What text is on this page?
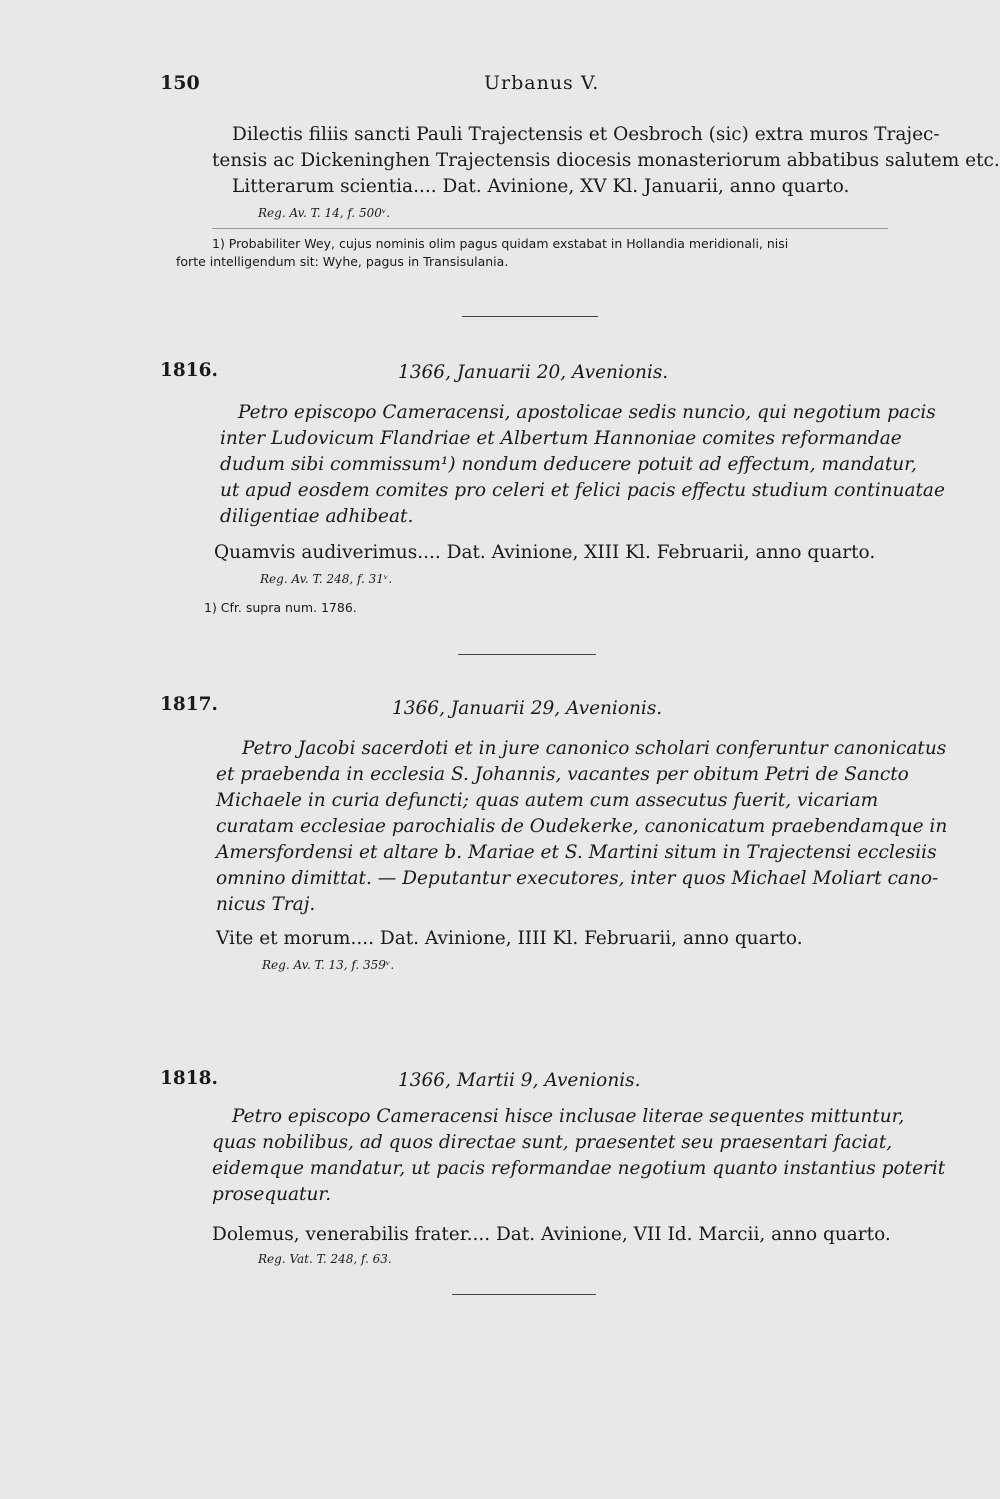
150	Urbanus V.
Dilectis filiis sancti Pauli Trajectensis et Oesbroch (sic) extra muros Trajec-
tensis ac Dickeninghen Trajectensis diocesis monasteriorum abbatibus salutem etc.
Litterarum scientia.... Dat. Avinione, XV Kl. Januarii, anno quarto.
Reg. Av. T. 14, f. 500ᵛ.
1) Probabiliter Wey, cujus nominis olim pagus quidam exstabat in Hollandia meridionali, nisi
forte intelligendum sit: Wyhe, pagus in Transisulania.
1816.	1366, Januarii 20, Avenionis.
Petro episcopo Cameracensi, apostolicae sedis nuncio, qui negotium pacis
inter Ludovicum Flandriae et Albertum Hannoniae comites reformandae
dudum sibi commissum¹) nondum deducere potuit ad effectum, mandatur,
ut apud eosdem comites pro celeri et felici pacis effectu studium continuatae
diligentiae adhibeat.
Quamvis audiverimus.... Dat. Avinione, XIII Kl. Februarii, anno quarto.
Reg. Av. T. 248, f. 31ᵛ.
1) Cfr. supra num. 1786.
1817.	1366, Januarii 29, Avenionis.
Petro Jacobi sacerdoti et in jure canonico scholari conferuntur canonicatus
et praebenda in ecclesia S. Johannis, vacantes per obitum Petri de Sancto
Michaele in curia defuncti; quas autem cum assecutus fuerit, vicariam
curatam ecclesiae parochialis de Oudekerke, canonicatum praebendamque in
Amersfordensi et altare b. Mariae et S. Martini situm in Trajectensi ecclesiis
omnino dimittat. — Deputantur executores, inter quos Michael Moliart cano-
nicus Traj.
Vite et morum.... Dat. Avinione, IIII Kl. Februarii, anno quarto.
Reg. Av. T. 13, f. 359ᵛ.
1818.	1366, Martii 9, Avenionis.
Petro episcopo Cameracensi hisce inclusae literae sequentes mittuntur,
quas nobilibus, ad quos directae sunt, praesentet seu praesentari faciat,
eidemque mandatur, ut pacis reformandae negotium quanto instantius poterit
prosequatur.
Dolemus, venerabilis frater.... Dat. Avinione, VII Id. Marcii, anno quarto.
Reg. Vat. T. 248, f. 63.
